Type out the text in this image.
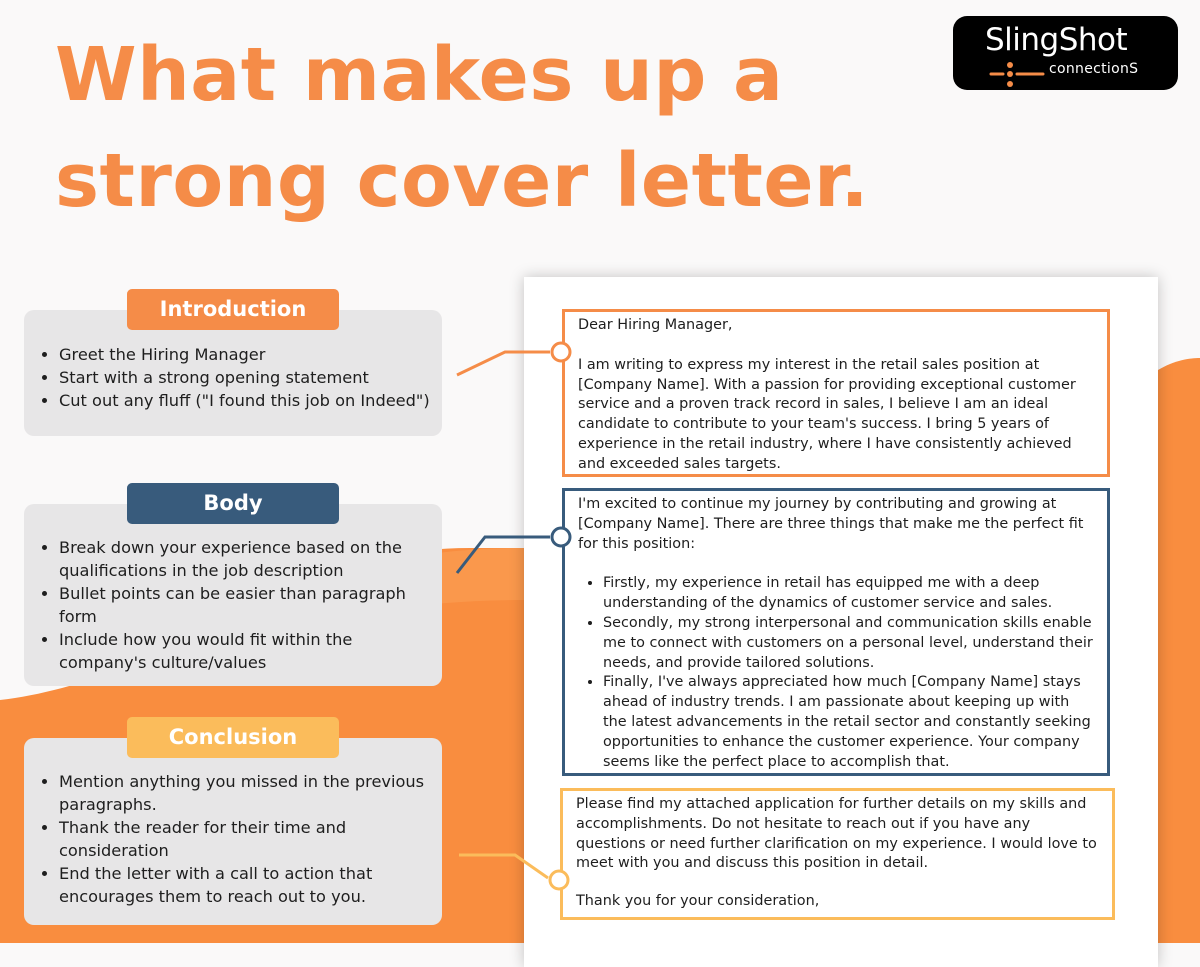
What makes up a
strong cover letter.
SlingShot
connectionS
• Greet the Hiring Manager
• Start with a strong opening statement
• Cut out any fluff ("I found this job on Indeed")
Introduction
• Break down your experience based on the qualifications in the job description
• Bullet points can be easier than paragraph form
• Include how you would fit within the company's culture/values
Body
• Mention anything you missed in the previous paragraphs.
• Thank the reader for their time and consideration
• End the letter with a call to action that encourages them to reach out to you.
Conclusion

Dear Hiring Manager,

I am writing to express my interest in the retail sales position at [Company Name]. With a passion for providing exceptional customer service and a proven track record in sales, I believe I am an ideal candidate to contribute to your team's success. I bring 5 years of experience in the retail industry, where I have consistently achieved and exceeded sales targets.

I'm excited to continue my journey by contributing and growing at [Company Name]. There are three things that make me the perfect fit for this position:

• Firstly, my experience in retail has equipped me with a deep understanding of the dynamics of customer service and sales.
• Secondly, my strong interpersonal and communication skills enable me to connect with customers on a personal level, understand their needs, and provide tailored solutions.
• Finally, I've always appreciated how much [Company Name] stays ahead of industry trends. I am passionate about keeping up with the latest advancements in the retail sector and constantly seeking opportunities to enhance the customer experience. Your company seems like the perfect place to accomplish that.

Please find my attached application for further details on my skills and accomplishments. Do not hesitate to reach out if you have any questions or need further clarification on my experience. I would love to meet with you and discuss this position in detail.

Thank you for your consideration,
